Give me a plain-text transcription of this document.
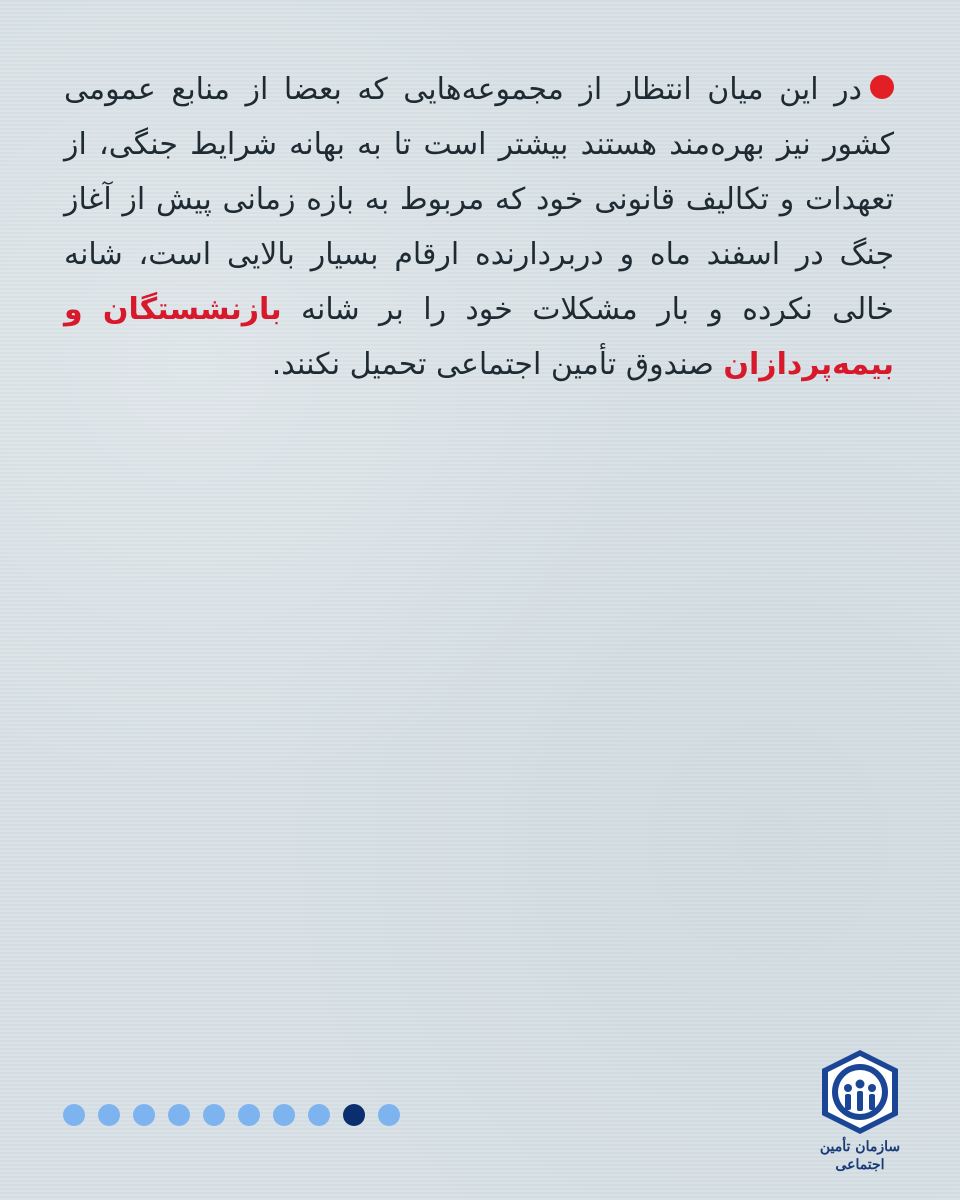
در این میان انتظار از مجموعه‌هایی که بعضا از منابع عمومی کشور نیز بهره‌مند هستند بیشتر است تا به بهانه شرایط جنگی، از تعهدات و تکالیف قانونی خود که مربوط به بازه زمانی پیش از آغاز جنگ در اسفند ماه و دربردارنده ارقام بسیار بالایی است، شانه خالی نکرده و بار مشکلات خود را بر شانه بازنشستگان و بیمه‌پردازان صندوق تأمین اجتماعی تحمیل نکنند.
سازمان تأمین اجتماعی
